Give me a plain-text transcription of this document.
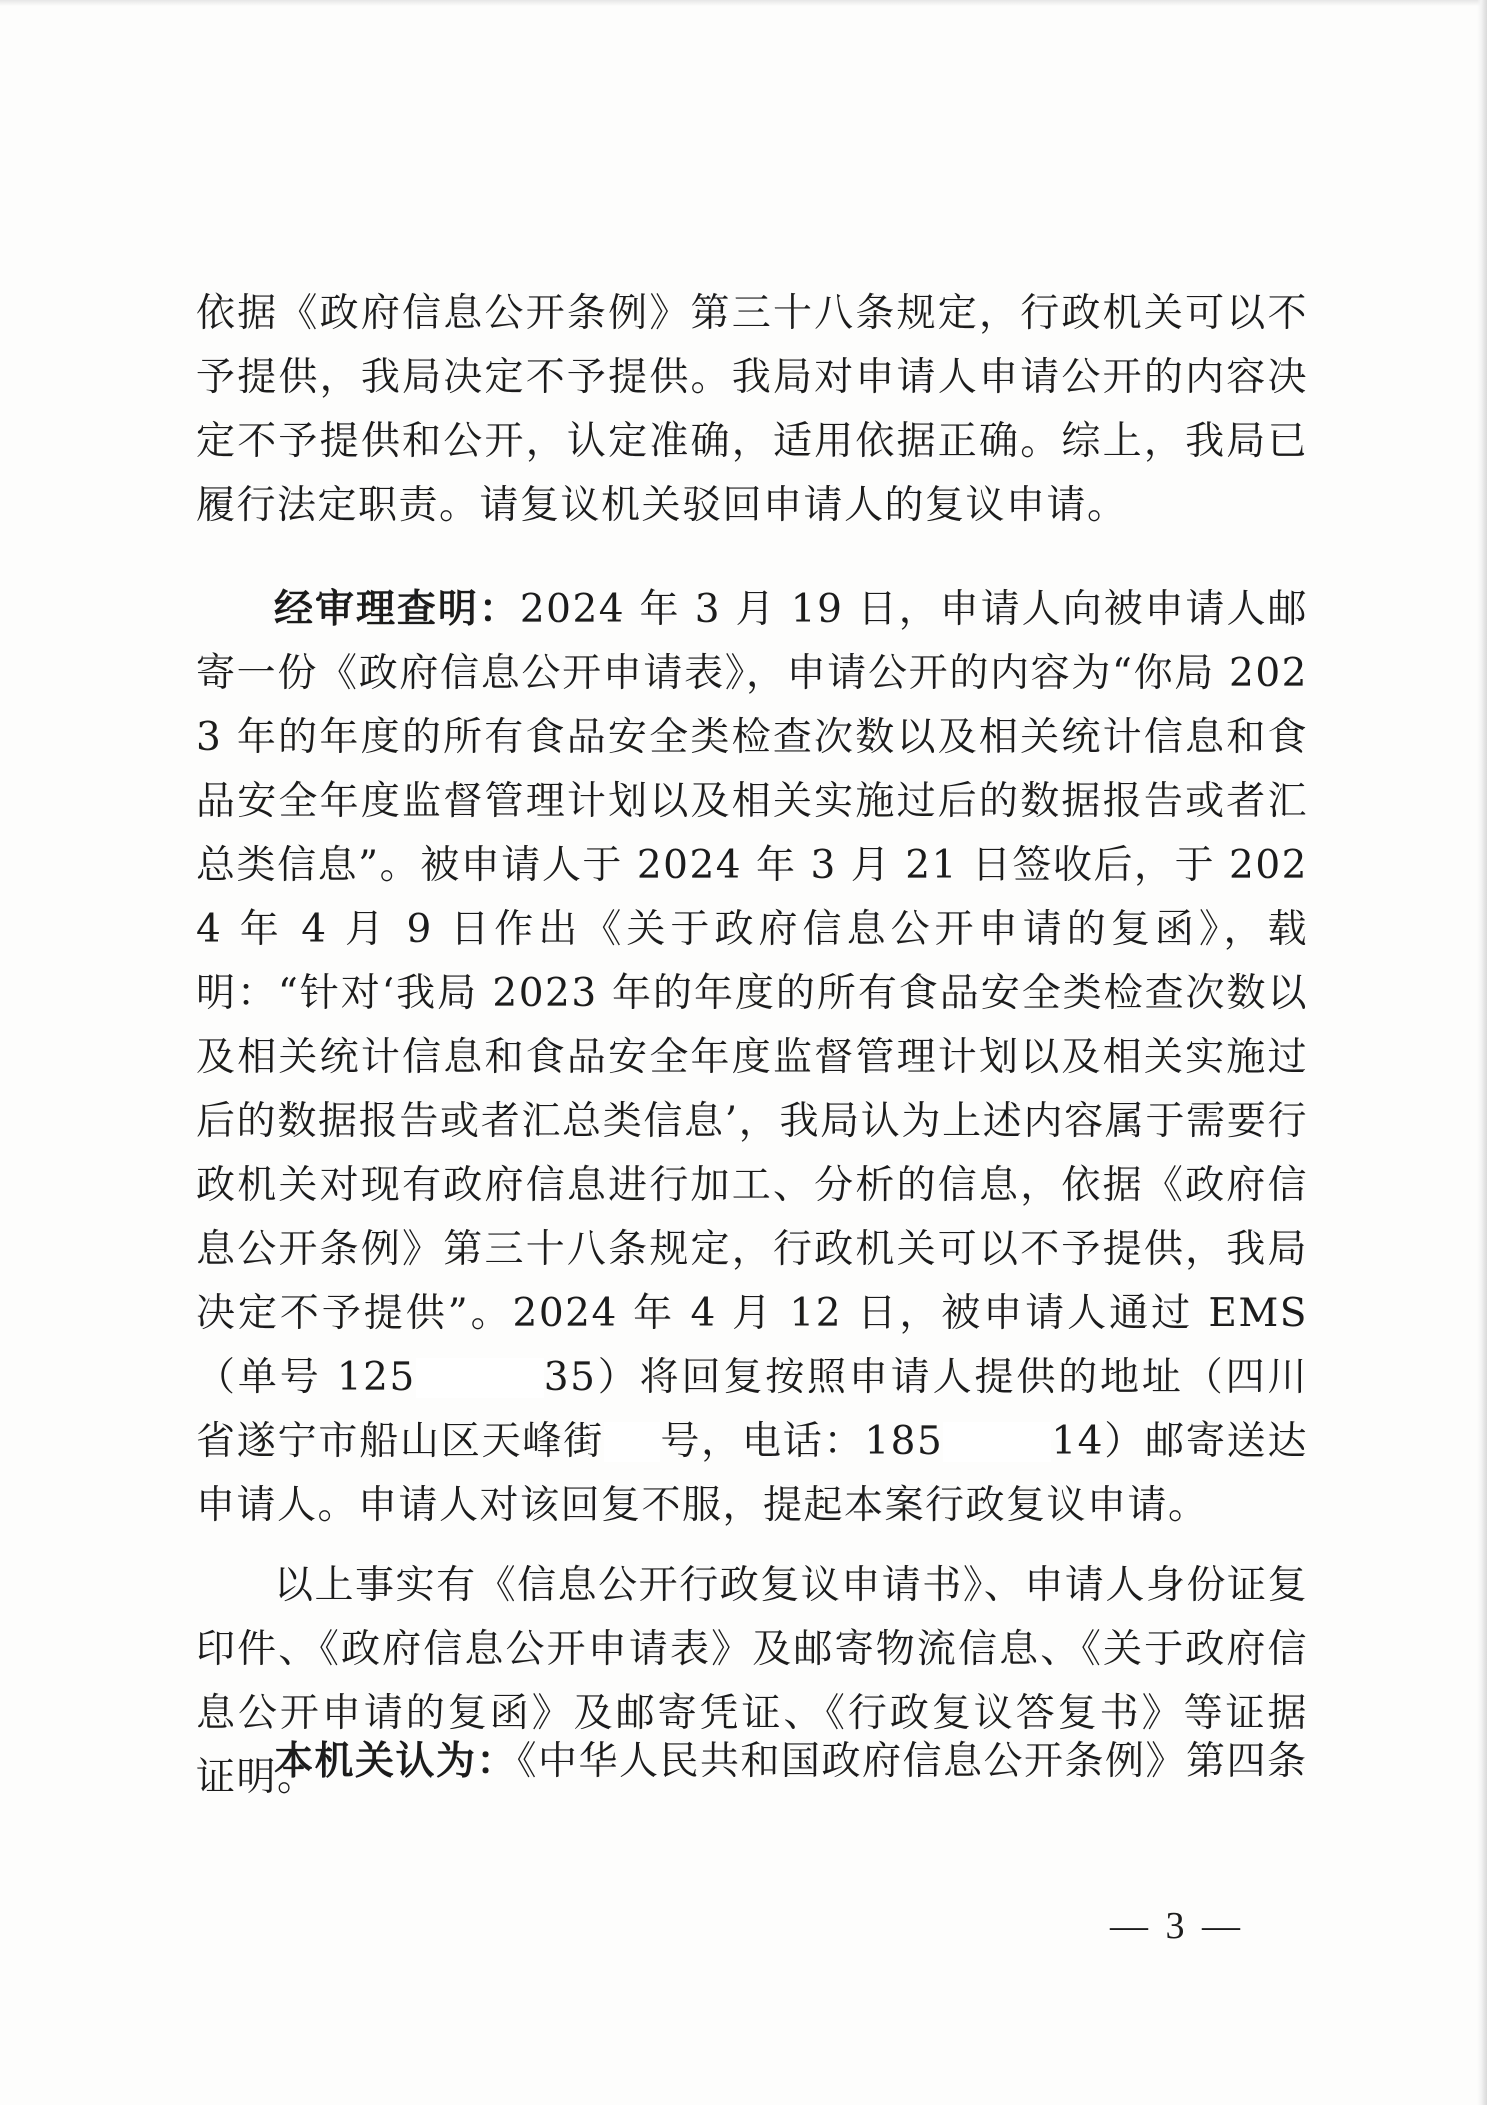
依据《政府信息公开条例》第三十八条规定，行政机关可以不予提供，我局决定不予提供。我局对申请人申请公开的内容决定不予提供和公开，认定准确，适用依据正确。综上，我局已履行法定职责。请复议机关驳回申请人的复议申请。

经审理查明：2024 年 3 月 19 日，申请人向被申请人邮寄一份《政府信息公开申请表》，申请公开的内容为“你局 2023 年的年度的所有食品安全类检查次数以及相关统计信息和食品安全年度监督管理计划以及相关实施过后的数据报告或者汇总类信息”。被申请人于 2024 年 3 月 21 日签收后，于 2024 年 4 月 9 日作出《关于政府信息公开申请的复函》，载明：“针对‘我局 2023 年的年度的所有食品安全类检查次数以及相关统计信息和食品安全年度监督管理计划以及相关实施过后的数据报告或者汇总类信息’，我局认为上述内容属于需要行政机关对现有政府信息进行加工、分析的信息，依据《政府信息公开条例》第三十八条规定，行政机关可以不予提供，我局决定不予提供”。2024 年 4 月 12 日，被申请人通过 EMS（单号 125	35）将回复按照申请人提供的地址（四川省遂宁市船山区天峰街 号，电话：185	14）邮寄送达申请人。申请人对该回复不服，提起本案行政复议申请。

以上事实有《信息公开行政复议申请书》、申请人身份证复印件、《政府信息公开申请表》及邮寄物流信息、《关于政府信息公开申请的复函》及邮寄凭证、《行政复议答复书》等证据证明。

本机关认为：《中华人民共和国政府信息公开条例》第四条

— 3 —
